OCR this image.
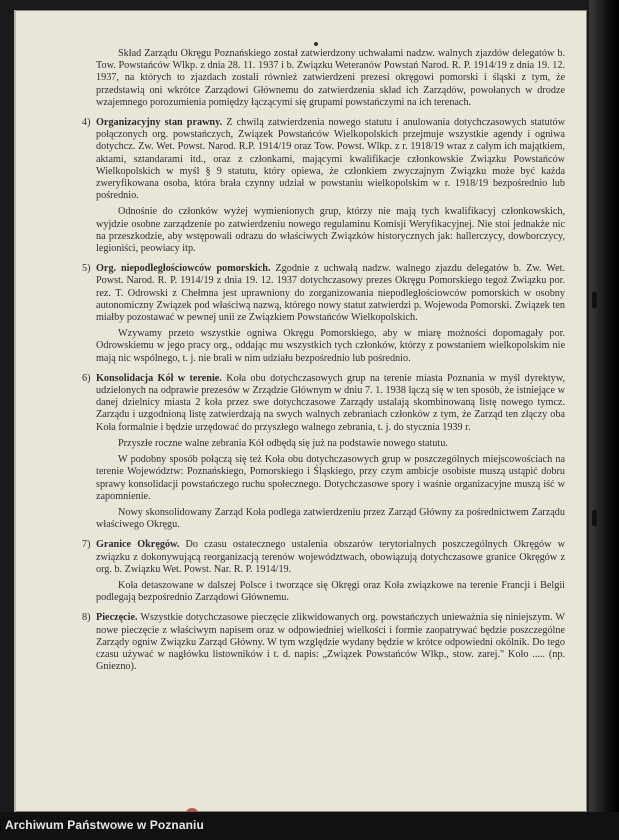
Skład Zarządu Okręgu Poznańskiego został zatwierdzony uchwałami nadzw. walnych zjazdów delegatów b. Tow. Powstańców Wlkp. z dnia 28. 11. 1937 i b. Związku Weteranów Powstań Narod. R. P. 1914/19 z dnia 19. 12. 1937, na których to zjazdach zostali również zatwierdzeni prezesi okręgowi pomorski i śląski z tym, że przedstawią oni wkrótce Zarządowi Głównemu do zatwierdzenia skład ich Zarządów, powołanych w drodze wzajemnego porozumienia pomiędzy łączącymi się grupami powstańczymi na ich terenach.

4) Organizacyjny stan prawny. Z chwilą zatwierdzenia nowego statutu i anulowania dotychczasowych statutów połączonych org. powstańczych, Związek Powstańców Wielkopolskich przejmuje wszystkie agendy i ogniwa dotychcz. Zw. Wet. Powst. Narod. R.P. 1914/19 oraz Tow. Powst. Wlkp. z r. 1918/19 wraz z całym ich majątkiem, aktami, sztandarami itd., oraz z członkami, mającymi kwalifikacje członkowskie Związku Powstańców Wielkopolskich w myśl § 9 statutu, który opiewa, że członkiem zwyczajnym Związku może być każda zweryfikowana osoba, która brała czynny udział w powstaniu wielkopolskim w r. 1918/19 bezpośrednio lub pośrednio.

Odnośnie do członków wyżej wymienionych grup, którzy nie mają tych kwalifikacyj członkowskich, wyjdzie osobne zarządzenie po zatwierdzeniu nowego regulaminu Komisji Weryfikacyjnej. Nie stoi jednakże nic na przeszkodzie, aby wstępowali odrazu do właściwych Związków historycznych jak: hallerczycy, dowborczycy, legioniści, peowiacy itp.

5) Org. niepodległościowców pomorskich. Zgodnie z uchwałą nadzw. walnego zjazdu delegatów b. Zw. Wet. Powst. Narod. R. P. 1914/19 z dnia 19. 12. 1937 dotychczasowy prezes Okręgu Pomorskiego tegoż Związku por. rez. T. Odrowski z Chełmna jest uprawniony do zorganizowania niepodległościowców pomorskich w osobny autonomiczny Związek pod właściwą nazwą, którego nowy statut zatwierdzi p. Wojewoda Pomorski. Związek ten miałby pozostawać w pewnej unii ze Związkiem Powstańców Wielkopolskich.

Wzywamy przeto wszystkie ogniwa Okręgu Pomorskiego, aby w miarę możności dopomagały por. Odrowskiemu w jego pracy org., oddając mu wszystkich tych członków, którzy z powstaniem wielkopolskim nie mają nic wspólnego, t. j. nie brali w nim udziału bezpośrednio lub pośrednio.

6) Konsolidacja Kół w terenie. Koła obu dotychczasowych grup na terenie miasta Poznania w myśl dyrektyw, udzielonych na odprawie prezesów w Zrządzie Głównym w dniu 7. 1. 1938 łączą się w ten sposób, że istniejące w danej dzielnicy miasta 2 koła przez swe dotychczasowe Zarządy ustalają skombinowaną listę nowego tymcz. Zarządu i uzgodnioną listę zatwierdzają na swych walnych zebraniach członków z tym, że Zarząd ten złączy oba Koła formalnie i będzie urzędować do przyszłego walnego zebrania, t. j. do stycznia 1939 r.

Przyszłe roczne walne zebrania Kół odbędą się już na podstawie nowego statutu.

W podobny sposób połączą się też Koła obu dotychczasowych grup w poszczególnych miejscowościach na terenie Województw: Poznańskiego, Pomorskiego i Śląskiego, przy czym ambicje osobiste muszą ustąpić dobru sprawy konsolidacji powstańczego ruchu społecznego. Dotychczasowe spory i waśnie organizacyjne muszą iść w zapomnienie.

Nowy skonsolidowany Zarząd Koła podlega zatwierdzeniu przez Zarząd Główny za pośrednictwem Zarządu właściwego Okręgu.

7) Granice Okręgów. Do czasu ostatecznego ustalenia obszarów terytorialnych poszczególnych Okręgów w związku z dokonywującą reorganizacją terenów województwach, obowiązują dotychczasowe granice Okręgów z org. b. Związku Wet. Powst. Nar. R. P. 1914/19.

Koła detaszowane w dalszej Polsce i tworzące się Okręgi oraz Koła związkowe na terenie Francji i Belgii podlegają bezpośrednio Zarządowi Głównemu.

8) Pieczęcie. Wszystkie dotychczasowe pieczęcie zlikwidowanych org. powstańczych unieważnia się niniejszym. W nowe pieczęcie z właściwym napisem oraz w odpowiedniej wielkości i formie zaopatrywać będzie poszczególne Zarządy ogniw Związku Zarząd Główny. W tym względzie wydany będzie w krótce odpowiedni okólnik. Do tego czasu używać w nagłówku listowników i t. d. napis: „Związek Powstańców Wlkp., stow. zarej." Koło ..... (np. Gniezno).

Archiwum Państwowe w Poznaniu
